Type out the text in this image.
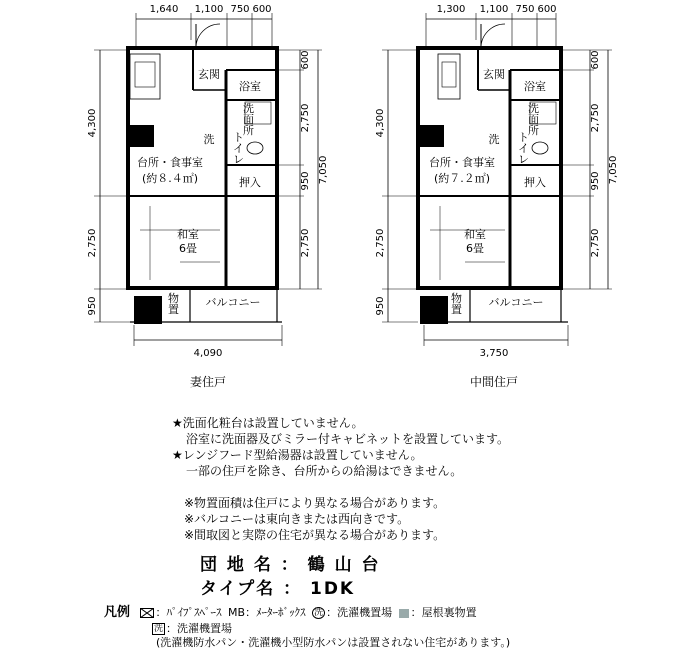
1,640 1,100 750 600
4,300
2,750
950
600
2,750
950
2,750
7,050
4,090
玄関
浴室
洗
台所・食事室
(約８.４㎡)	押入
和室
6畳
バルコニー
洗面所
トイレ
物置
妻住戸
1,300 1,100 750 600
4,300
2,750
950
600
2,750
950
2,750
7,050
3,750
玄関
浴室
洗
台所・食事室
(約７.２㎡)	押入
和室
6畳
バルコニー
洗面所
トイレ
物置
中間住戸
★洗面化粧台は設置していません。
浴室に洗面器及びミラー付キャビネットを設置しています。
★レンジフード型給湯器は設置していません。
一部の住戸を除き、台所からの給湯はできません。
※物置面積は住戸により異なる場合があります。
※バルコニーは東向きまたは西向きです。
※間取図と実際の住宅が異なる場合があります。
団 地 名 ： 鶴 山 台
タイプ名 ： 1DK
凡例 ：ﾊﾟｲﾌﾟｽﾍﾟｰｽ MB：ﾒｰﾀｰﾎﾞｯｸｽ 洗 ：洗濯機置場 ：屋根裏物置
洗 ：洗濯機置場
(洗濯機防水パン・洗濯機小型防水パンは設置されない住宅があります。)
